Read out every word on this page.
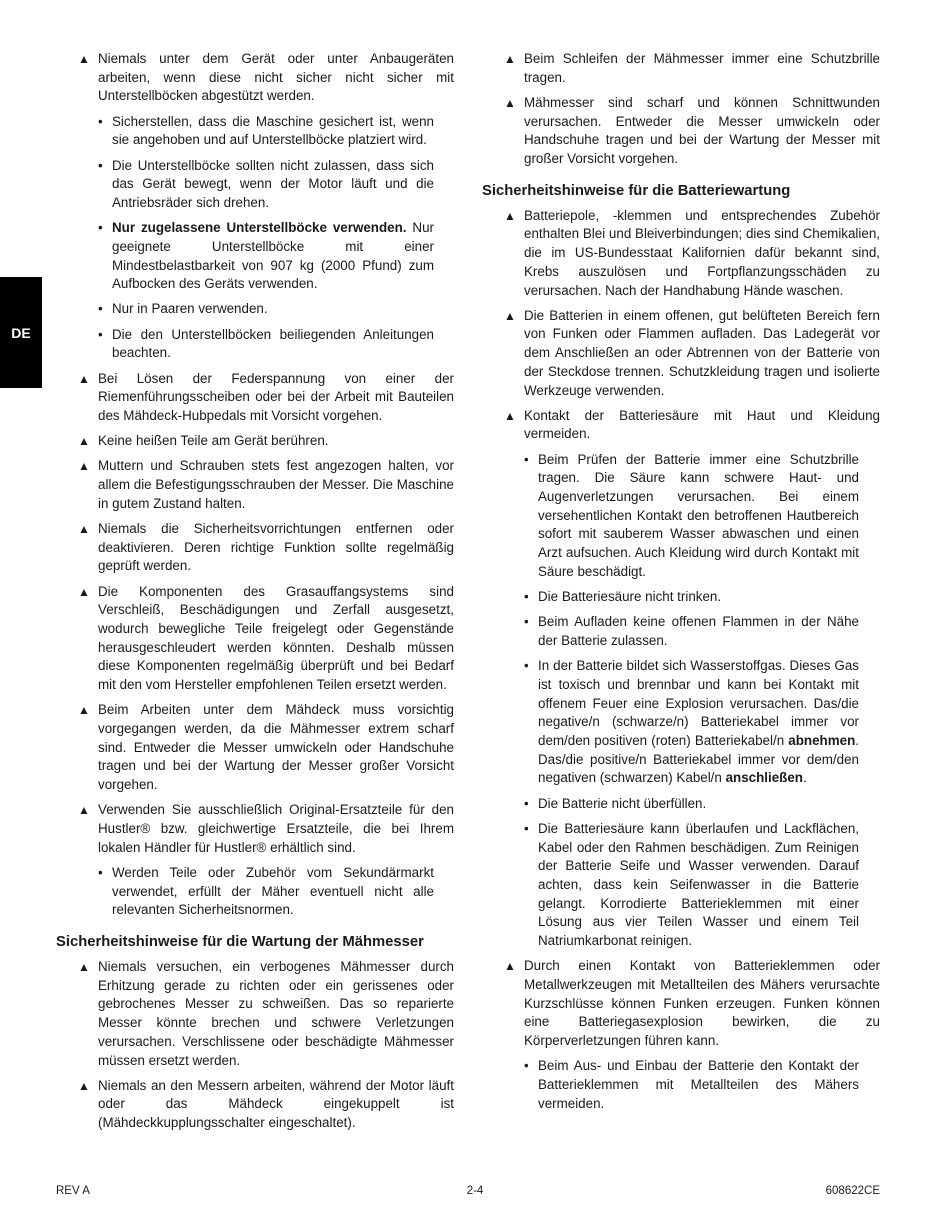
DE
▲ Niemals unter dem Gerät oder unter Anbaugeräten arbeiten, wenn diese nicht sicher nicht sicher mit Unterstellböcken abgestützt werden.
• Sicherstellen, dass die Maschine gesichert ist, wenn sie angehoben und auf Unterstellböcke platziert wird.
• Die Unterstellböcke sollten nicht zulassen, dass sich das Gerät bewegt, wenn der Motor läuft und die Antriebsräder sich drehen.
• Nur zugelassene Unterstellböcke verwenden. Nur geeignete Unterstellböcke mit einer Mindestbelastbarkeit von 907 kg (2000 Pfund) zum Aufbocken des Geräts verwenden.
• Nur in Paaren verwenden.
• Die den Unterstellböcken beiliegenden Anleitungen beachten.
▲ Bei Lösen der Federspannung von einer der Riemenführungsscheiben oder bei der Arbeit mit Bauteilen des Mähdeck-Hubpedals mit Vorsicht vorgehen.
▲ Keine heißen Teile am Gerät berühren.
▲ Muttern und Schrauben stets fest angezogen halten, vor allem die Befestigungsschrauben der Messer. Die Maschine in gutem Zustand halten.
▲ Niemals die Sicherheitsvorrichtungen entfernen oder deaktivieren. Deren richtige Funktion sollte regelmäßig geprüft werden.
▲ Die Komponenten des Grasauffangsystems sind Verschleiß, Beschädigungen und Zerfall ausgesetzt, wodurch bewegliche Teile freigelegt oder Gegenstände herausgeschleudert werden könnten. Deshalb müssen diese Komponenten regelmäßig überprüft und bei Bedarf mit den vom Hersteller empfohlenen Teilen ersetzt werden.
▲ Beim Arbeiten unter dem Mähdeck muss vorsichtig vorgegangen werden, da die Mähmesser extrem scharf sind. Entweder die Messer umwickeln oder Handschuhe tragen und bei der Wartung der Messer großer Vorsicht vorgehen.
▲ Verwenden Sie ausschließlich Original-Ersatzteile für den Hustler® bzw. gleichwertige Ersatzteile, die bei Ihrem lokalen Händler für Hustler® erhältlich sind.
• Werden Teile oder Zubehör vom Sekundärmarkt verwendet, erfüllt der Mäher eventuell nicht alle relevanten Sicherheitsnormen.
Sicherheitshinweise für die Wartung der Mähmesser
▲ Niemals versuchen, ein verbogenes Mähmesser durch Erhitzung gerade zu richten oder ein gerissenes oder gebrochenes Messer zu schweißen. Das so reparierte Messer könnte brechen und schwere Verletzungen verursachen. Verschlissene oder beschädigte Mähmesser müssen ersetzt werden.
▲ Niemals an den Messern arbeiten, während der Motor läuft oder das Mähdeck eingekuppelt ist (Mähdeckkupplungsschalter eingeschaltet).
▲ Beim Schleifen der Mähmesser immer eine Schutzbrille tragen.
▲ Mähmesser sind scharf und können Schnittwunden verursachen. Entweder die Messer umwickeln oder Handschuhe tragen und bei der Wartung der Messer mit großer Vorsicht vorgehen.
Sicherheitshinweise für die Batteriewartung
▲ Batteriepole, -klemmen und entsprechendes Zubehör enthalten Blei und Bleiverbindungen; dies sind Chemikalien, die im US-Bundesstaat Kalifornien dafür bekannt sind, Krebs auszulösen und Fortpflanzungsschäden zu verursachen. Nach der Handhabung Hände waschen.
▲ Die Batterien in einem offenen, gut belüfteten Bereich fern von Funken oder Flammen aufladen. Das Ladegerät vor dem Anschließen an oder Abtrennen von der Batterie von der Steckdose trennen. Schutzkleidung tragen und isolierte Werkzeuge verwenden.
▲ Kontakt der Batteriesäure mit Haut und Kleidung vermeiden.
• Beim Prüfen der Batterie immer eine Schutzbrille tragen. Die Säure kann schwere Haut- und Augenverletzungen verursachen. Bei einem versehentlichen Kontakt den betroffenen Hautbereich sofort mit sauberem Wasser abwaschen und einen Arzt aufsuchen. Auch Kleidung wird durch Kontakt mit Säure beschädigt.
• Die Batteriesäure nicht trinken.
• Beim Aufladen keine offenen Flammen in der Nähe der Batterie zulassen.
• In der Batterie bildet sich Wasserstoffgas. Dieses Gas ist toxisch und brennbar und kann bei Kontakt mit offenem Feuer eine Explosion verursachen. Das/die negative/n (schwarze/n) Batteriekabel immer vor dem/den positiven (roten) Batteriekabel/n abnehmen. Das/die positive/n Batteriekabel immer vor dem/den negativen (schwarzen) Kabel/n anschließen.
• Die Batterie nicht überfüllen.
• Die Batteriesäure kann überlaufen und Lackflächen, Kabel oder den Rahmen beschädigen. Zum Reinigen der Batterie Seife und Wasser verwenden. Darauf achten, dass kein Seifenwasser in die Batterie gelangt. Korrodierte Batterieklemmen mit einer Lösung aus vier Teilen Wasser und einem Teil Natriumkarbonat reinigen.
▲ Durch einen Kontakt von Batterieklemmen oder Metallwerkzeugen mit Metallteilen des Mähers verursachte Kurzschlüsse können Funken erzeugen. Funken können eine Batteriegasexplosion bewirken, die zu Körperverletzungen führen kann.
• Beim Aus- und Einbau der Batterie den Kontakt der Batterieklemmen mit Metallteilen des Mähers vermeiden.
REV A	2-4	608622CE
